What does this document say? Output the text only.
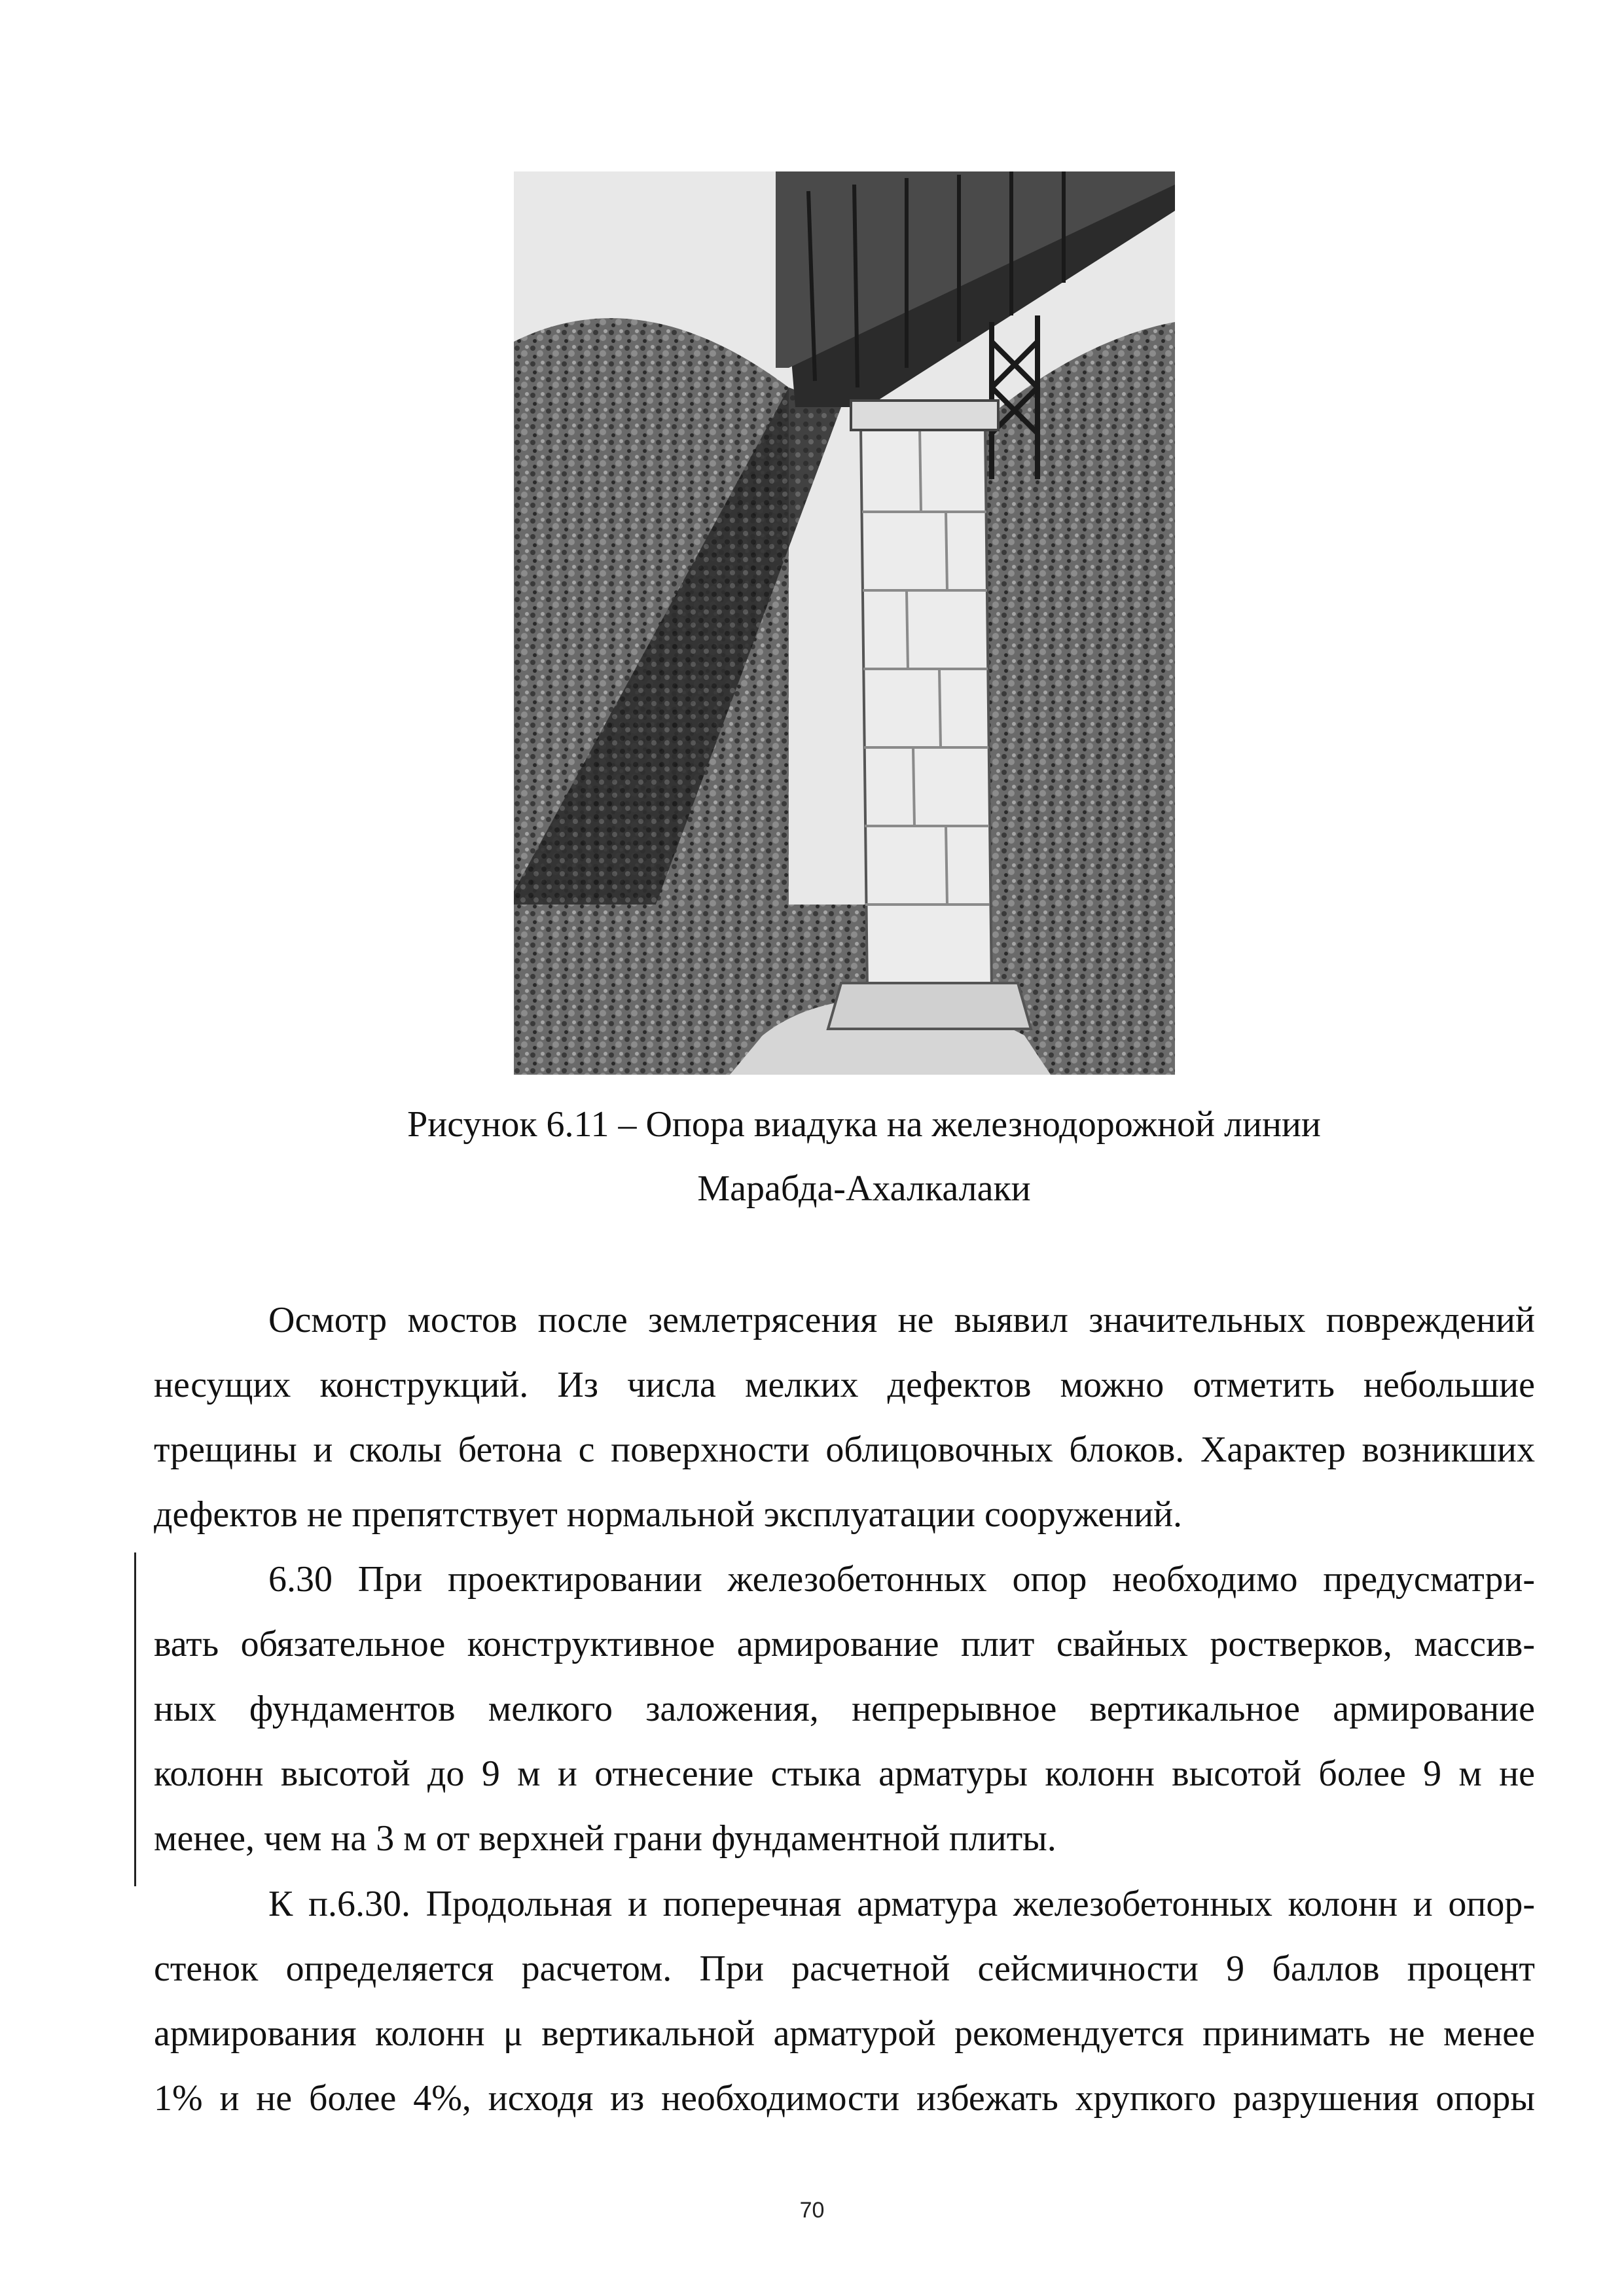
Рисунок 6.11 – Опора виадука на железнодорожной линии
Марабда-Ахалкалаки
Осмотр мостов после землетрясения не выявил значительных повреждений
несущих конструкций. Из числа мелких дефектов можно отметить небольшие
трещины и сколы бетона с поверхности облицовочных блоков. Характер возникших
дефектов не препятствует нормальной эксплуатации сооружений.
6.30 При проектировании железобетонных опор необходимо предусматри-
вать обязательное конструктивное армирование плит свайных ростверков, массив-
ных фундаментов мелкого заложения, непрерывное вертикальное армирование
колонн высотой до 9 м и отнесение стыка арматуры колонн высотой более 9 м не
менее, чем на 3 м от верхней грани фундаментной плиты.
К п.6.30. Продольная и поперечная арматура железобетонных колонн и опор-
стенок определяется расчетом. При расчетной сейсмичности 9 баллов процент
армирования колонн μ вертикальной арматурой рекомендуется принимать не менее
1% и не более 4%, исходя из необходимости избежать хрупкого разрушения опоры
70
